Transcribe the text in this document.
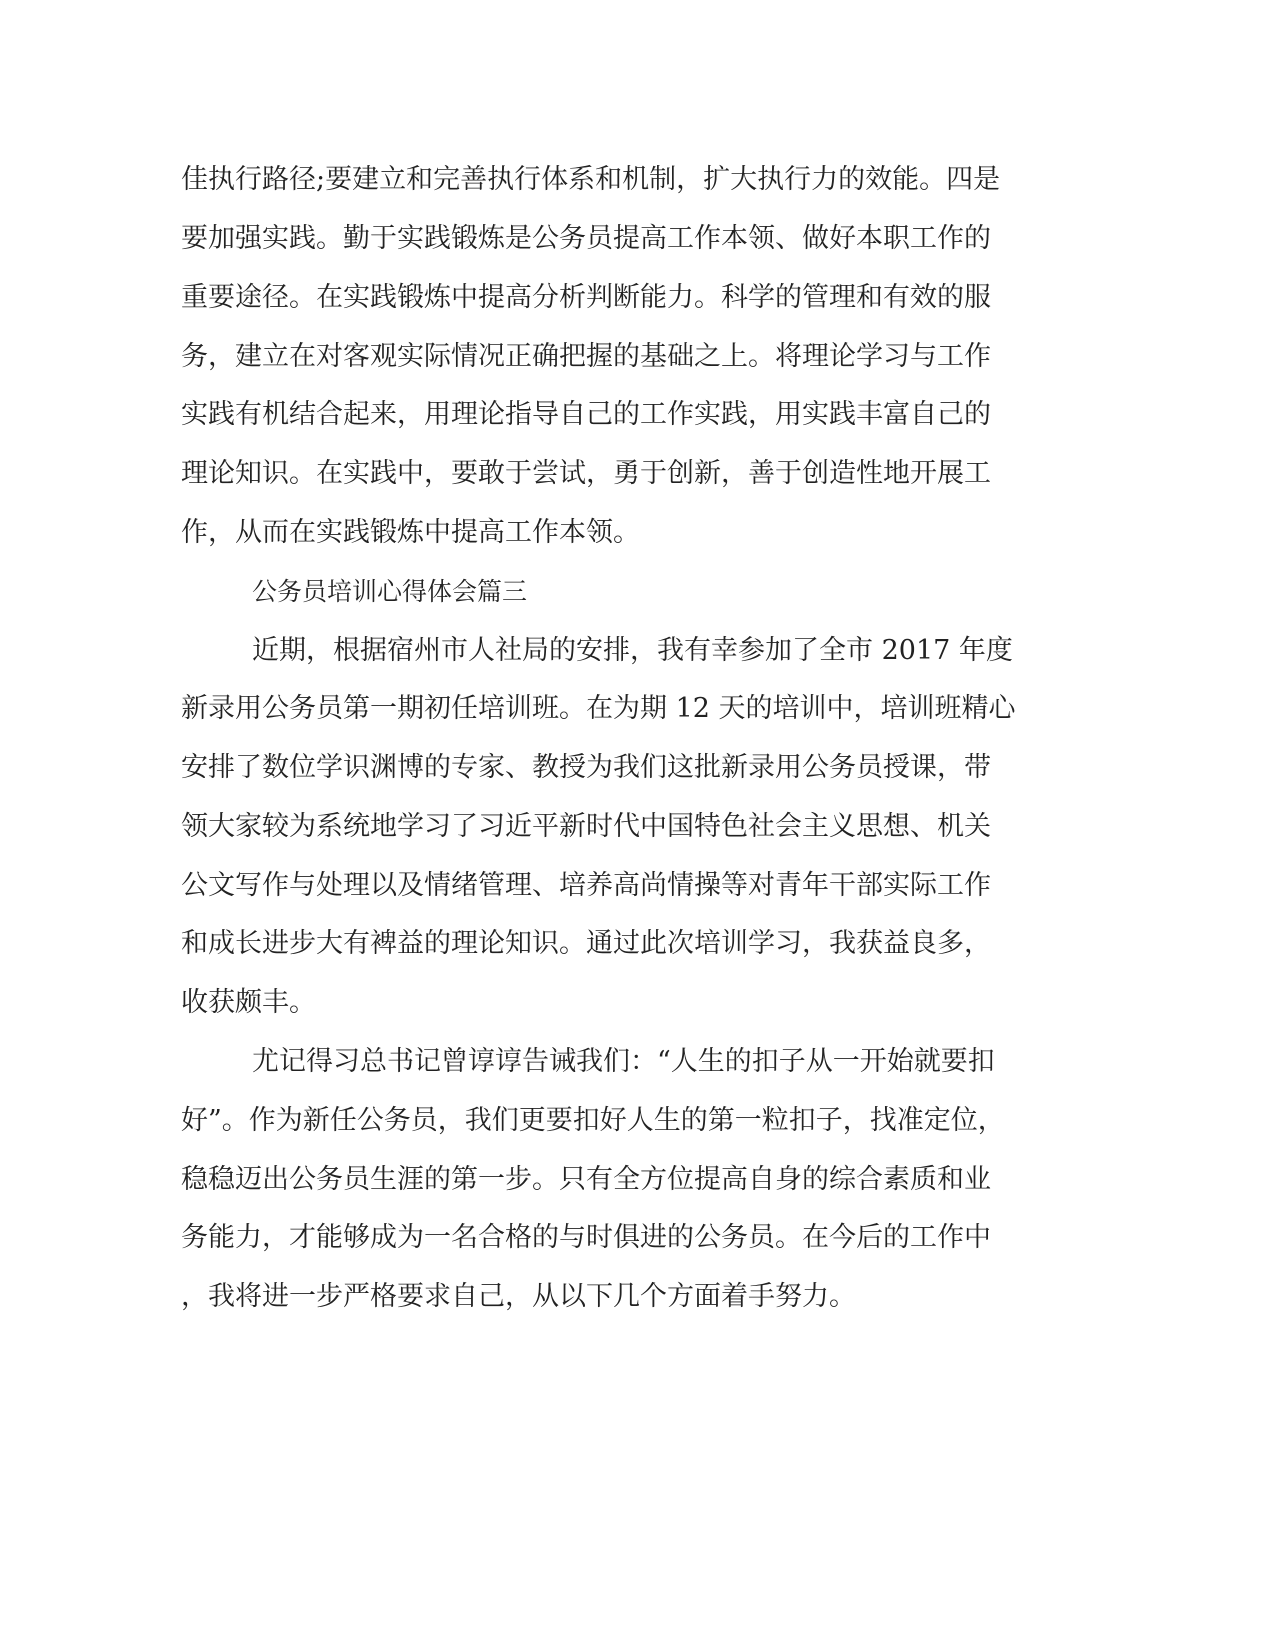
佳执行路径;要建立和完善执行体系和机制，扩大执行力的效能。四是
要加强实践。勤于实践锻炼是公务员提高工作本领、做好本职工作的
重要途径。在实践锻炼中提高分析判断能力。科学的管理和有效的服
务，建立在对客观实际情况正确把握的基础之上。将理论学习与工作
实践有机结合起来，用理论指导自己的工作实践，用实践丰富自己的
理论知识。在实践中，要敢于尝试，勇于创新，善于创造性地开展工
作，从而在实践锻炼中提高工作本领。
公务员培训心得体会篇三
近期，根据宿州市人社局的安排，我有幸参加了全市 2017 年度
新录用公务员第一期初任培训班。在为期 12 天的培训中，培训班精心
安排了数位学识渊博的专家、教授为我们这批新录用公务员授课，带
领大家较为系统地学习了习近平新时代中国特色社会主义思想、机关
公文写作与处理以及情绪管理、培养高尚情操等对青年干部实际工作
和成长进步大有裨益的理论知识。通过此次培训学习，我获益良多，
收获颇丰。
尤记得习总书记曾谆谆告诫我们：“人生的扣子从一开始就要扣
好”。作为新任公务员，我们更要扣好人生的第一粒扣子，找准定位，
稳稳迈出公务员生涯的第一步。只有全方位提高自身的综合素质和业
务能力，才能够成为一名合格的与时俱进的公务员。在今后的工作中
，我将进一步严格要求自己，从以下几个方面着手努力。
